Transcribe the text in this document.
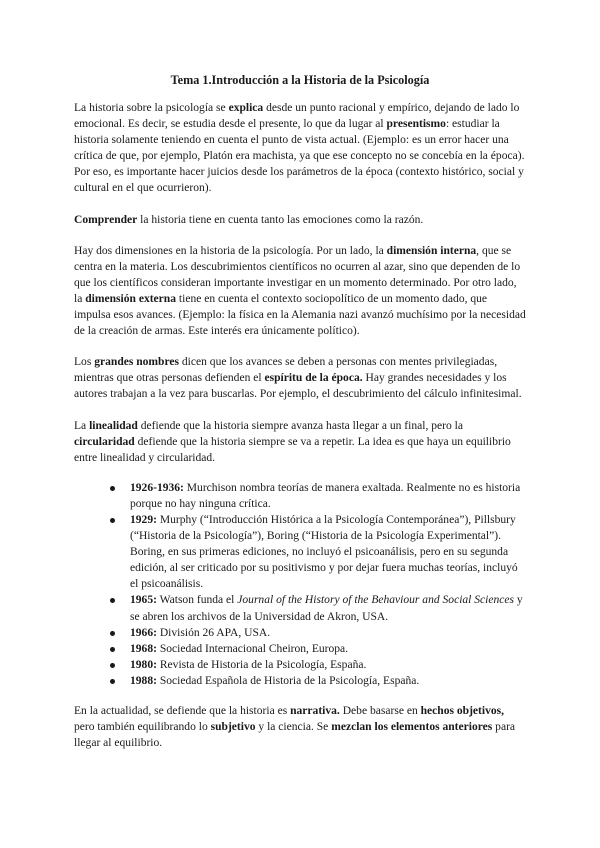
Tema 1.Introducción a la Historia de la Psicología

La historia sobre la psicología se explica desde un punto racional y empírico, dejando de lado lo emocional. Es decir, se estudia desde el presente, lo que da lugar al presentismo: estudiar la historia solamente teniendo en cuenta el punto de vista actual. (Ejemplo: es un error hacer una crítica de que, por ejemplo, Platón era machista, ya que ese concepto no se concebía en la época). Por eso, es importante hacer juicios desde los parámetros de la época (contexto histórico, social y cultural en el que ocurrieron).

Comprender la historia tiene en cuenta tanto las emociones como la razón.

Hay dos dimensiones en la historia de la psicología. Por un lado, la dimensión interna, que se centra en la materia. Los descubrimientos científicos no ocurren al azar, sino que dependen de lo que los científicos consideran importante investigar en un momento determinado. Por otro lado, la dimensión externa tiene en cuenta el contexto sociopolítico de un momento dado, que impulsa esos avances. (Ejemplo: la física en la Alemania nazi avanzó muchísimo por la necesidad de la creación de armas. Este interés era únicamente político).

Los grandes nombres dicen que los avances se deben a personas con mentes privilegiadas, mientras que otras personas defienden el espíritu de la época. Hay grandes necesidades y los autores trabajan a la vez para buscarlas. Por ejemplo, el descubrimiento del cálculo infinitesimal.

La linealidad defiende que la historia siempre avanza hasta llegar a un final, pero la circularidad defiende que la historia siempre se va a repetir. La idea es que haya un equilibrio entre linealidad y circularidad.

1926-1936: Murchison nombra teorías de manera exaltada. Realmente no es historia porque no hay ninguna crítica.
1929: Murphy (“Introducción Histórica a la Psicología Contemporánea”), Pillsbury (“Historia de la Psicología”), Boring (“Historia de la Psicología Experimental”). Boring, en sus primeras ediciones, no incluyó el psicoanálisis, pero en su segunda edición, al ser criticado por su positivismo y por dejar fuera muchas teorías, incluyó el psicoanálisis.
1965: Watson funda el Journal of the History of the Behaviour and Social Sciences y se abren los archivos de la Universidad de Akron, USA.
1966: División 26 APA, USA.
1968: Sociedad Internacional Cheiron, Europa.
1980: Revista de Historia de la Psicología, España.
1988: Sociedad Española de Historia de la Psicología, España.

En la actualidad, se defiende que la historia es narrativa. Debe basarse en hechos objetivos, pero también equilibrando lo subjetivo y la ciencia. Se mezclan los elementos anteriores para llegar al equilibrio.
